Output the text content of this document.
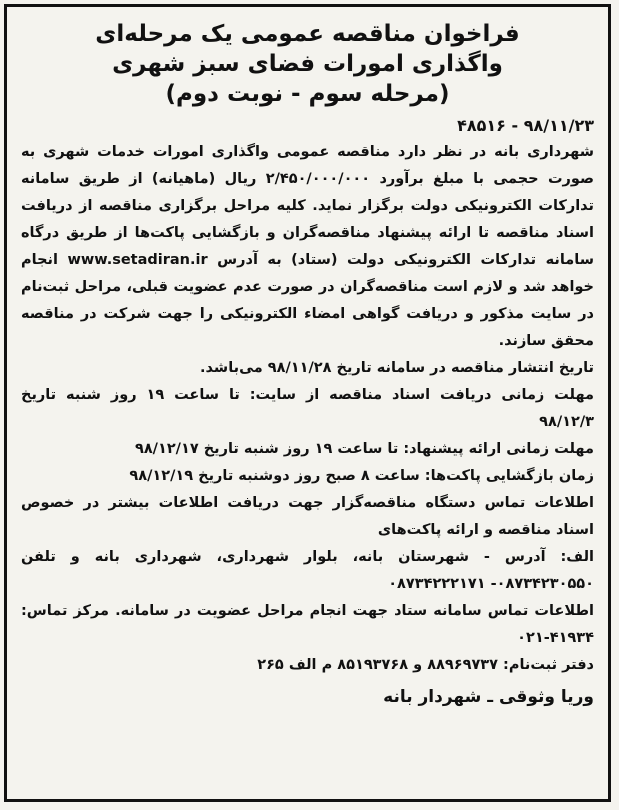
فراخوان مناقصه عمومی یک مرحله‌ای
واگذاری امورات فضای سبز شهری
(مرحله سوم - نوبت دوم)
۹۸/۱۱/۲۳ - ۴۸۵۱۶

شهرداری بانه در نظر دارد مناقصه عمومی واگذاری امورات خدمات شهری به صورت حجمی با مبلغ برآورد ۲/۴۵۰/۰۰۰/۰۰۰ ریال (ماهیانه) از طریق سامانه تدارکات الکترونیکی دولت برگزار نماید. کلیه مراحل برگزاری مناقصه از دریافت اسناد مناقصه تا ارائه پیشنهاد مناقصه‌گران و بازگشایی پاکت‌ها از طریق درگاه سامانه تدارکات الکترونیکی دولت (ستاد) به آدرس www.setadiran.ir انجام خواهد شد و لازم است مناقصه‌گران در صورت عدم عضویت قبلی، مراحل ثبت‌نام در سایت مذکور و دریافت گواهی امضاء الکترونیکی را جهت شرکت در مناقصه محقق سازند.

تاریخ انتشار مناقصه در سامانه تاریخ ۹۸/۱۱/۲۸ می‌باشد.

مهلت زمانی دریافت اسناد مناقصه از سایت: تا ساعت ۱۹ روز شنبه تاریخ ۹۸/۱۲/۳

مهلت زمانی ارائه پیشنهاد: تا ساعت ۱۹ روز شنبه تاریخ ۹۸/۱۲/۱۷

زمان بازگشایی پاکت‌ها: ساعت ۸ صبح روز دوشنبه تاریخ ۹۸/۱۲/۱۹

اطلاعات تماس دستگاه مناقصه‌گزار جهت دریافت اطلاعات بیشتر در خصوص اسناد مناقصه و ارائه پاکت‌های

الف: آدرس - شهرستان بانه، بلوار شهرداری، شهرداری بانه و تلفن ۰۸۷۳۴۲۳۰۵۵۰- ۰۸۷۳۴۲۲۲۱۷۱

اطلاعات تماس سامانه ستاد جهت انجام مراحل عضویت در سامانه. مرکز تماس: ۴۱۹۳۴-۰۲۱

دفتر ثبت‌نام: ۸۸۹۶۹۷۳۷ و ۸۵۱۹۳۷۶۸ م الف ۲۶۵

وریا وثوقی ـ شهردار بانه
